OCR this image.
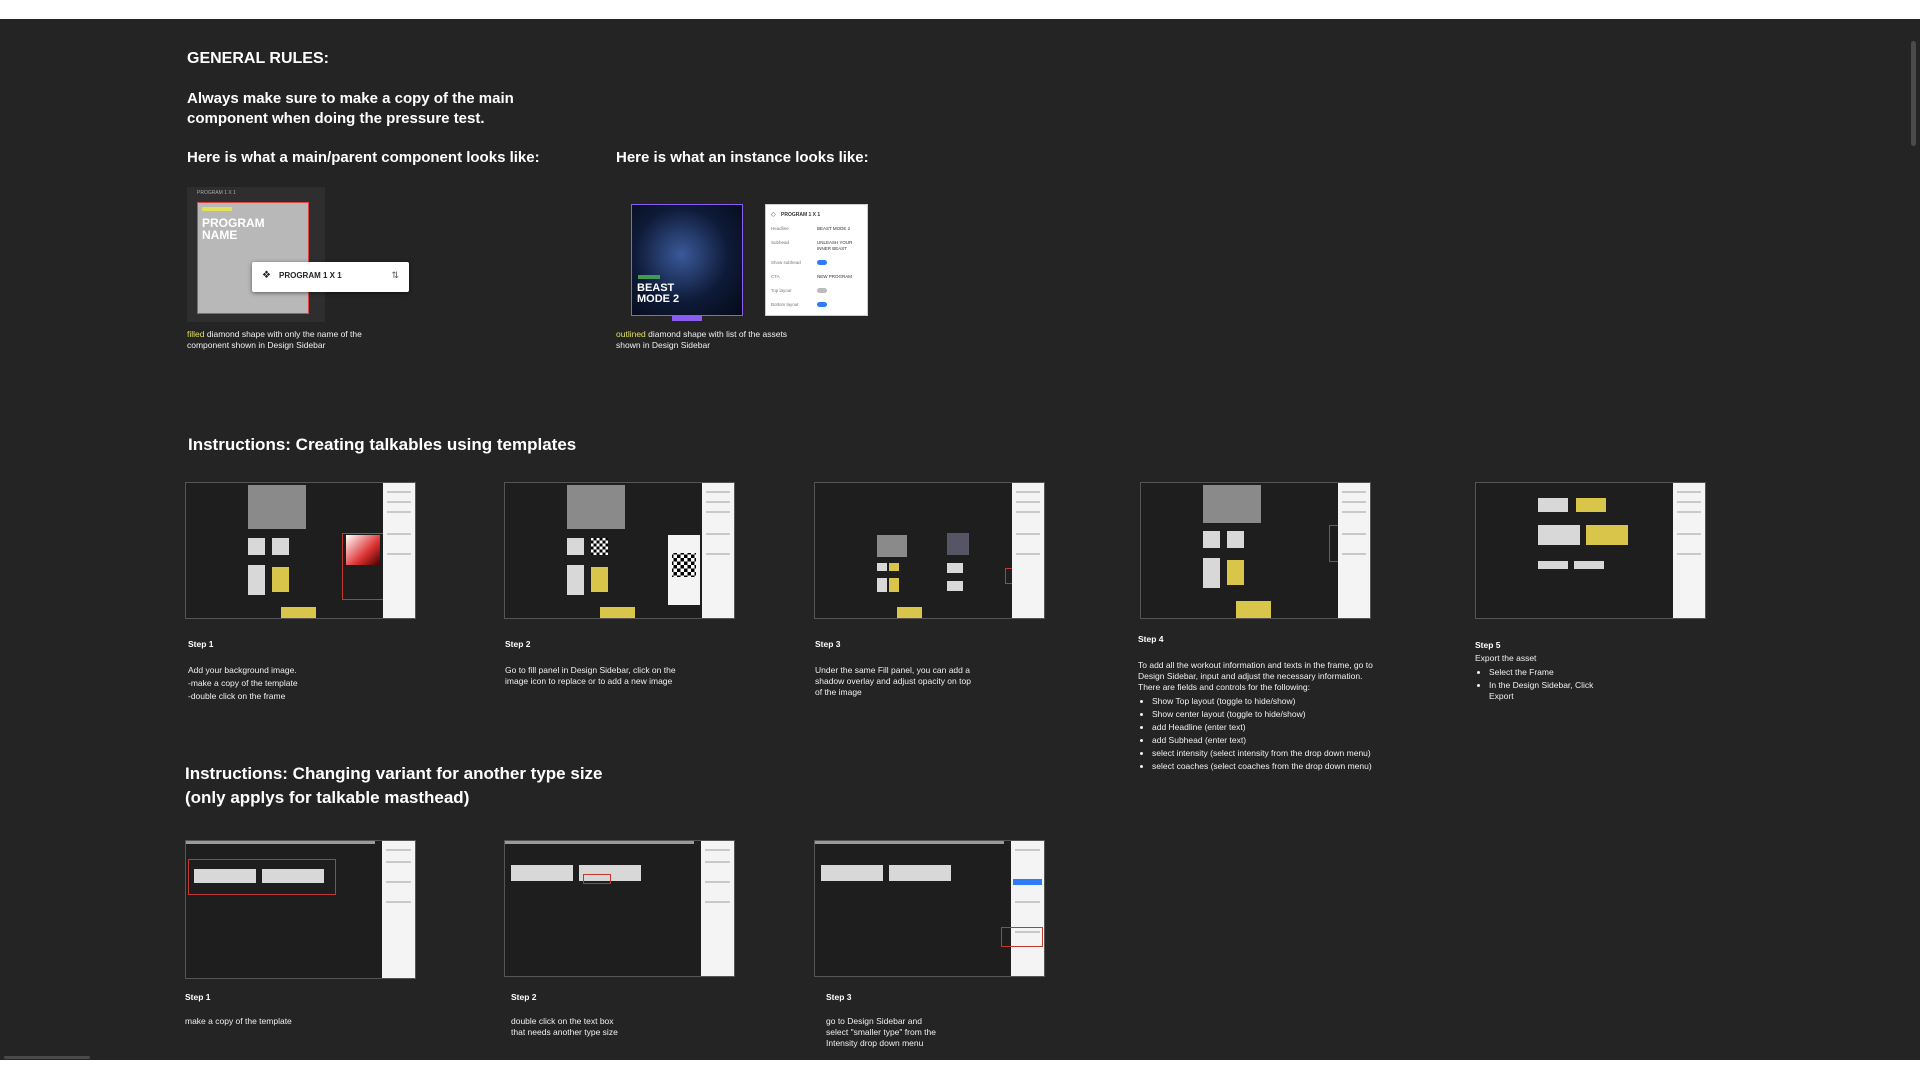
GENERAL RULES:
Always make sure to make a copy of the main
component when doing the pressure test.
Here is what a main/parent component looks like:	Here is what an instance looks like:
PROGRAM
NAME
PROGRAM 1 X 1
❖ PROGRAM 1 X 1	⇅
filled diamond shape with only the name of the
component shown in Design Sidebar
BEAST
MODE 2
◇ PROGRAM 1 X 1
Headline	BEAST MODE 2
Subhead	UNLEASH YOUR INNER BEAST
Show subhead
CTA	NEW PROGRAM
Top layout
Bottom layout
outlined diamond shape with list of the assets
shown in Design Sidebar
Instructions: Creating talkables using templates
Step 1
Add your background image.
-make a copy of the template
-double click on the frame
Step 2
Go to fill panel in Design Sidebar, click on the
image icon to replace or to add a new image
Step 3
Under the same Fill panel, you can add a
shadow overlay and adjust opacity on top
of the image
Step 4
To add all the workout information and texts in the frame, go to Design Sidebar, input and adjust the necessary information. There are fields and controls for the following:
• Show Top layout (toggle to hide/show)
• Show center layout (toggle to hide/show)
• add Headline (enter text)
• add Subhead (enter text)
• select intensity (select intensity from the drop down menu)
• select coaches (select coaches from the drop down menu)
Step 5
Export the asset
• Select the Frame
• In the Design Sidebar, Click Export
Instructions: Changing variant for another type size
(only applys for talkable masthead)
Step 1
make a copy of the template
Step 2
double click on the text box
that needs another type size
Step 3
go to Design Sidebar and
select "smaller type" from the
Intensity drop down menu
